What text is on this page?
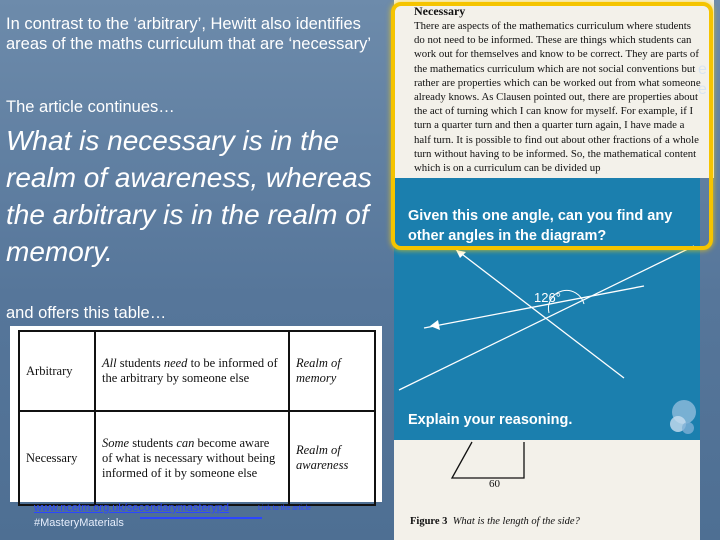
In contrast to the ‘arbitrary’, Hewitt also identifies areas of the maths curriculum that are ‘necessary’
The article continues…
What is necessary is in the realm of awareness, whereas the arbitrary is in the realm of memory.
and offers this table…
Arbitrary	All students need to be informed of the arbitrary by someone else	Realm of memory
Necessary	Some students can become aware of what is necessary without being informed of it by someone else	Realm of awareness
www.ncetm.org.uk/secondarymasterypd	Link to the article
#MasteryMaterials
Necessary
There are aspects of the mathematics curriculum where students do not need to be informed. These are things which students can work out for themselves and know to be correct. They are parts of the mathematics curriculum which are not social conventions but rather are properties which can be worked out from what someone already knows. As Clausen pointed out, there are properties about the act of turning which I can know for myself. For example, if I turn a quarter turn and then a quarter turn again, I have made a half turn. It is possible to find out about other fractions of a whole turn without having to be informed. So, the mathematical content which is on a curriculum can be divided up
Given this one angle, can you find any other angles in the diagram?
Explain your reasoning.
126°
e
e
60
Figure 3 What is the length of the side?
